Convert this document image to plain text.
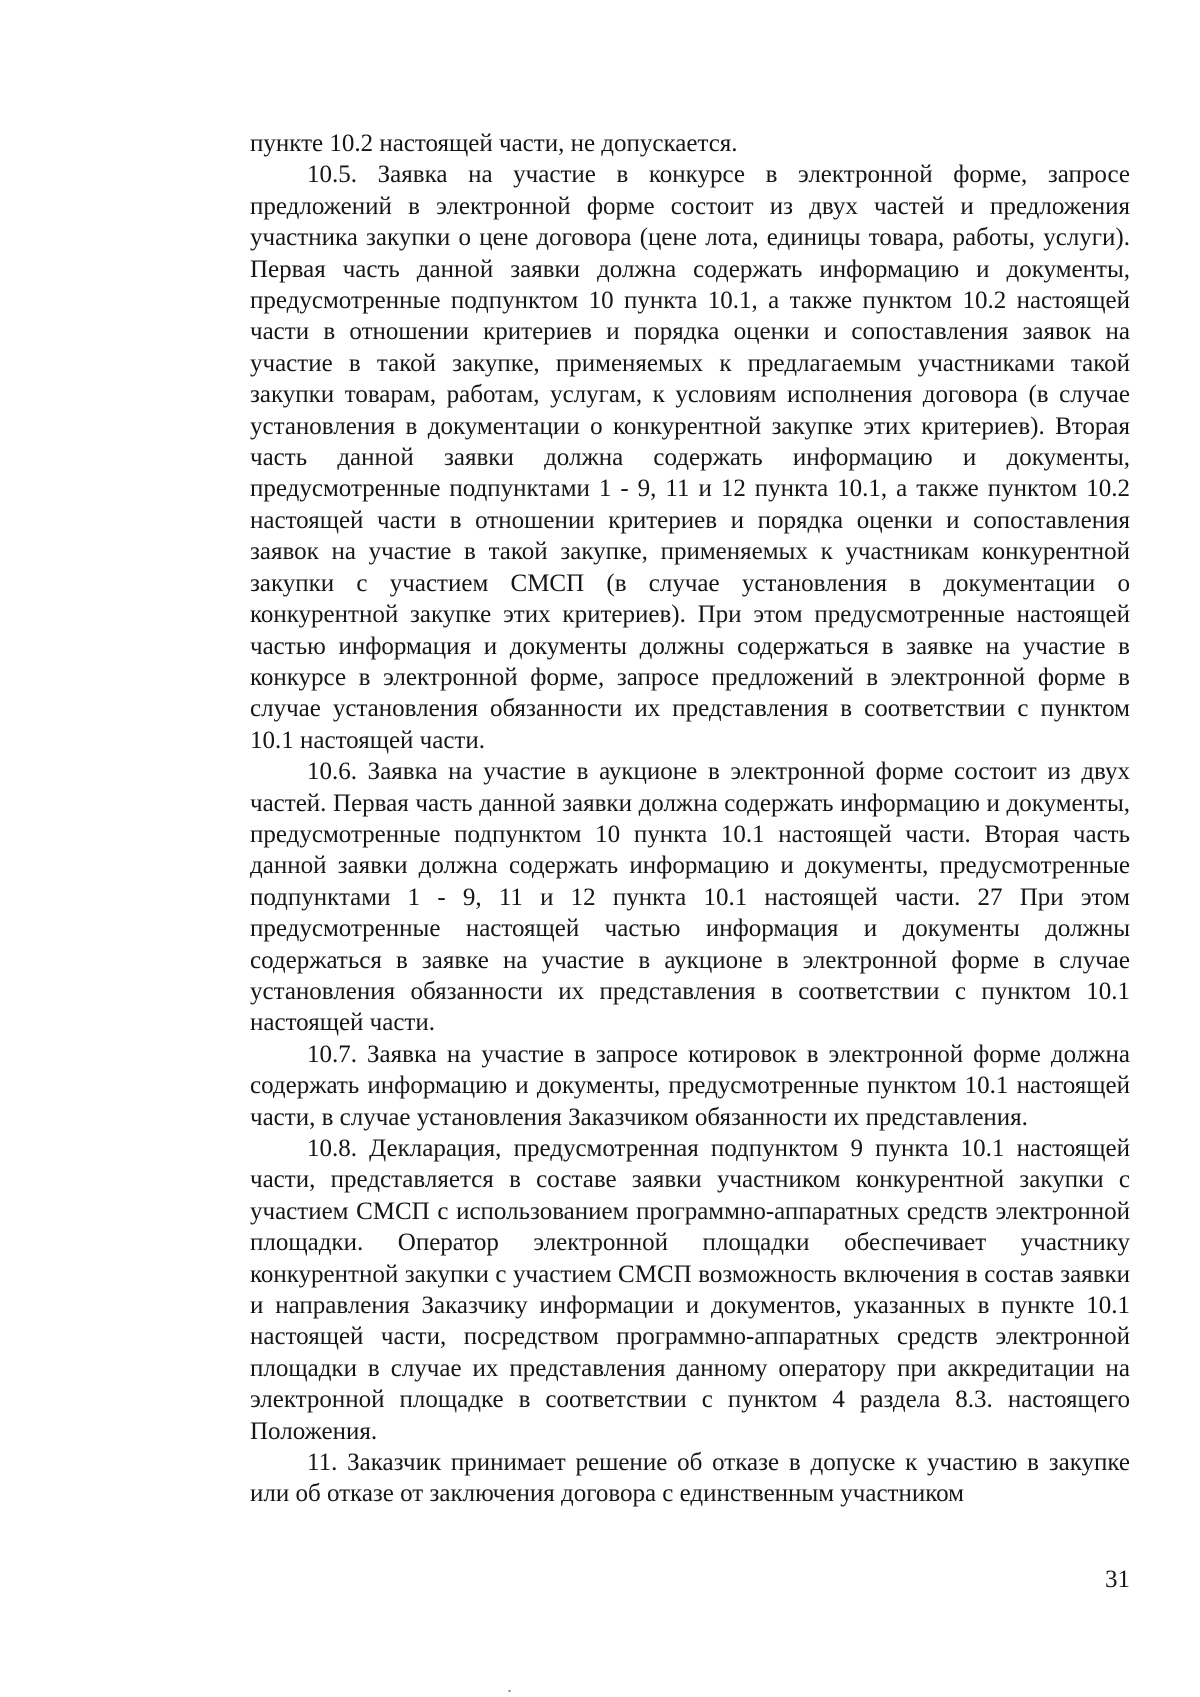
пункте 10.2 настоящей части, не допускается.

10.5. Заявка на участие в конкурсе в электронной форме, запросе предложений в электронной форме состоит из двух частей и предложения участника закупки о цене договора (цене лота, единицы товара, работы, услуги). Первая часть данной заявки должна содержать информацию и документы, предусмотренные подпунктом 10 пункта 10.1, а также пунктом 10.2 настоящей части в отношении критериев и порядка оценки и сопоставления заявок на участие в такой закупке, применяемых к предлагаемым участниками такой закупки товарам, работам, услугам, к условиям исполнения договора (в случае установления в документации о конкурентной закупке этих критериев). Вторая часть данной заявки должна содержать информацию и документы, предусмотренные подпунктами 1 - 9, 11 и 12 пункта 10.1, а также пунктом 10.2 настоящей части в отношении критериев и порядка оценки и сопоставления заявок на участие в такой закупке, применяемых к участникам конкурентной закупки с участием СМСП (в случае установления в документации о конкурентной закупке этих критериев). При этом предусмотренные настоящей частью информация и документы должны содержаться в заявке на участие в конкурсе в электронной форме, запросе предложений в электронной форме в случае установления обязанности их представления в соответствии с пунктом 10.1 настоящей части.

10.6. Заявка на участие в аукционе в электронной форме состоит из двух частей. Первая часть данной заявки должна содержать информацию и документы, предусмотренные подпунктом 10 пункта 10.1 настоящей части. Вторая часть данной заявки должна содержать информацию и документы, предусмотренные подпунктами 1 - 9, 11 и 12 пункта 10.1 настоящей части. 27 При этом предусмотренные настоящей частью информация и документы должны содержаться в заявке на участие в аукционе в электронной форме в случае установления обязанности их представления в соответствии с пунктом 10.1 настоящей части.

10.7. Заявка на участие в запросе котировок в электронной форме должна содержать информацию и документы, предусмотренные пунктом 10.1 настоящей части, в случае установления Заказчиком обязанности их представления.

10.8. Декларация, предусмотренная подпунктом 9 пункта 10.1 настоящей части, представляется в составе заявки участником конкурентной закупки с участием СМСП с использованием программно-аппаратных средств электронной площадки. Оператор электронной площадки обеспечивает участнику конкурентной закупки с участием СМСП возможность включения в состав заявки и направления Заказчику информации и документов, указанных в пункте 10.1 настоящей части, посредством программно-аппаратных средств электронной площадки в случае их представления данному оператору при аккредитации на электронной площадке в соответствии с пунктом 4 раздела 8.3. настоящего Положения.

11. Заказчик принимает решение об отказе в допуске к участию в закупке или об отказе от заключения договора с единственным участником

31
